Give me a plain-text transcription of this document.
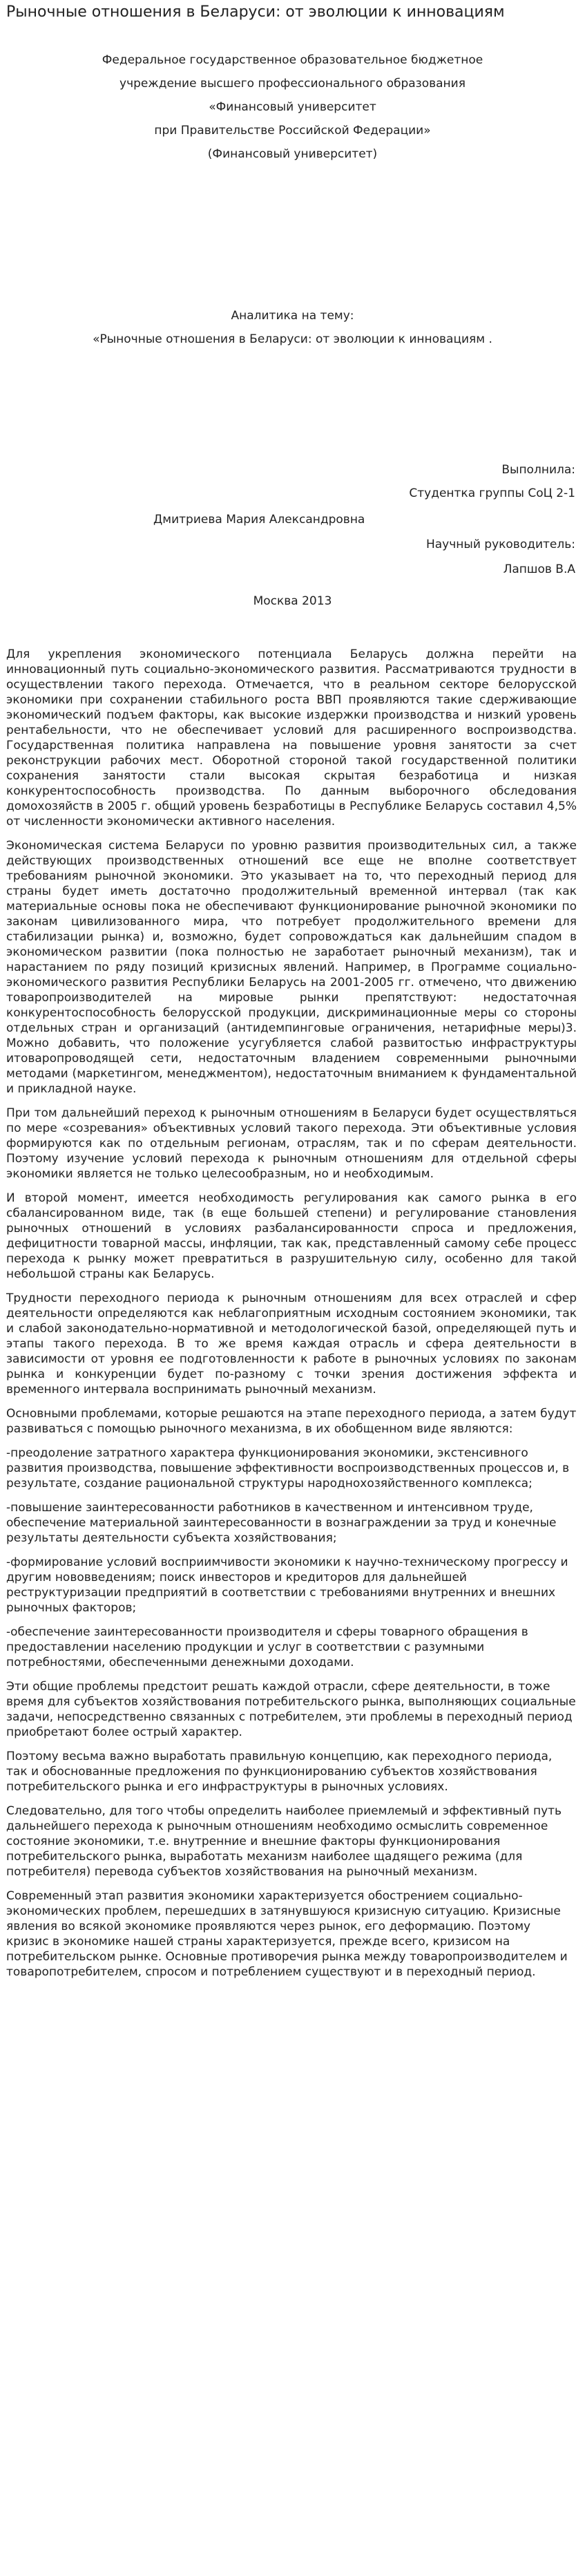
Рыночные отношения в Беларуси: от эволюции к инновациям
Федеральное государственное образовательное бюджетное
учреждение высшего профессионального образования
«Финансовый университет
при Правительстве Российской Федерации»
(Финансовый университет)
Аналитика на тему:
«Рыночные отношения в Беларуси: от эволюции к инновациям .
Выполнила:
Студентка группы СоЦ 2-1
Дмитриева Мария Александровна
Научный руководитель:
Лапшов В.А
Москва 2013

Для укрепления экономического потенциала Беларусь должна перейти на инновационный путь социально-экономического развития. Рассматриваются трудности в осуществлении такого перехода. Отмечается, что в реальном секторе белорусской экономики при сохранении стабильного роста ВВП проявляются такие сдерживающие экономический подъем факторы, как высокие издержки производства и низкий уровень рентабельности, что не обеспечивает условий для расширенного воспроизводства. Государственная политика направлена на повышение уровня занятости за счет реконструкции рабочих мест. Оборотной стороной такой государственной политики сохранения занятости стали высокая скрытая безработица и низкая конкурентоспособность производства. По данным выборочного обследования домохозяйств в 2005 г. общий уровень безработицы в Республике Беларусь составил 4,5% от численности экономически активного населения.

Экономическая система Беларуси по уровню развития производительных сил, а также действующих производственных отношений все еще не вполне соответствует требованиям рыночной экономики. Это указывает на то, что переходный период для страны будет иметь достаточно продолжительный временной интервал (так как материальные основы пока не обеспечивают функционирование рыночной экономики по законам цивилизованного мира, что потребует продолжительного времени для стабилизации рынка) и, возможно, будет сопровождаться как дальнейшим спадом в экономическом развитии (пока полностью не заработает рыночный механизм), так и нарастанием по ряду позиций кризисных явлений. Например, в Программе социально-экономического развития Республики Беларусь на 2001-2005 гг. отмечено, что движению товаропроизводителей на мировые рынки препятствуют: недостаточная конкурентоспособность белорусской продукции, дискриминационные меры со стороны отдельных стран и организаций (антидемпинговые ограничения, нетарифные меры)3. Можно добавить, что положение усугубляется слабой развитостью инфраструктуры итоваропроводящей сети, недостаточным владением современными рыночными методами (маркетингом, менеджментом), недостаточным вниманием к фундаментальной и прикладной науке.

При том дальнейший переход к рыночным отношениям в Беларуси будет осуществляться по мере «созревания» объективных условий такого перехода. Эти объективные условия формируются как по отдельным регионам, отраслям, так и по сферам деятельности. Поэтому изучение условий перехода к рыночным отношениям для отдельной сферы экономики является не только целесообразным, но и необходимым.

И второй момент, имеется необходимость регулирования как самого рынка в его сбалансированном виде, так (в еще большей степени) и регулирование становления рыночных отношений в условиях разбалансированности спроса и предложения, дефицитности товарной массы, инфляции, так как, представленный самому себе процесс перехода к рынку может превратиться в разрушительную силу, особенно для такой небольшой страны как Беларусь.

Трудности переходного периода к рыночным отношениям для всех отраслей и сфер деятельности определяются как неблагоприятным исходным состоянием экономики, так и слабой законодательно-нормативной и методологической базой, определяющей путь и этапы такого перехода. В то же время каждая отрасль и сфера деятельности в зависимости от уровня ее подготовленности к работе в рыночных условиях по законам рынка и конкуренции будет по-разному с точки зрения достижения эффекта и временного интервала воспринимать рыночный механизм.

Основными проблемами, которые решаются на этапе переходного периода, а затем будут развиваться с помощью рыночного механизма, в их обобщенном виде являются:

-преодоление затратного характера функционирования экономики, экстенсивного развития производства, повышение эффективности воспроизводственных процессов и, в результате, создание рациональной структуры народнохозяйственного комплекса;

-повышение заинтересованности работников в качественном и интенсивном труде, обеспечение материальной заинтересованности в вознаграждении за труд и конечные результаты деятельности субъекта хозяйствования;

-формирование условий восприимчивости экономики к научно-техническому прогрессу и другим нововведениям; поиск инвесторов и кредиторов для дальнейшей реструктуризации предприятий в соответствии с требованиями внутренних и внешних рыночных факторов;

-обеспечение заинтересованности производителя и сферы товарного обращения в предоставлении населению продукции и услуг в соответствии с разумными потребностями, обеспеченными денежными доходами.

Эти общие проблемы предстоит решать каждой отрасли, сфере деятельности, в тоже время для субъектов хозяйствования потребительского рынка, выполняющих социальные задачи, непосредственно связанных с потребителем, эти проблемы в переходный период приобретают более острый характер.

Поэтому весьма важно выработать правильную концепцию, как переходного периода, так и обоснованные предложения по функционированию субъектов хозяйствования потребительского рынка и его инфраструктуры в рыночных условиях.

Следовательно, для того чтобы определить наиболее приемлемый и эффективный путь дальнейшего перехода к рыночным отношениям необходимо осмыслить современное состояние экономики, т.е. внутренние и внешние факторы функционирования потребительского рынка, выработать механизм наиболее щадящего режима (для потребителя) перевода субъектов хозяйствования на рыночный механизм.

Современный этап развития экономики характеризуется обострением социально-экономических проблем, перешедших в затянувшуюся кризисную ситуацию. Кризисные явления во всякой экономике проявляются через рынок, его деформацию. Поэтому кризис в экономике нашей страны характеризуется, прежде всего, кризисом на потребительском рынке. Основные противоречия рынка между товаропроизводителем и товаропотребителем, спросом и потреблением существуют и в переходный период.
